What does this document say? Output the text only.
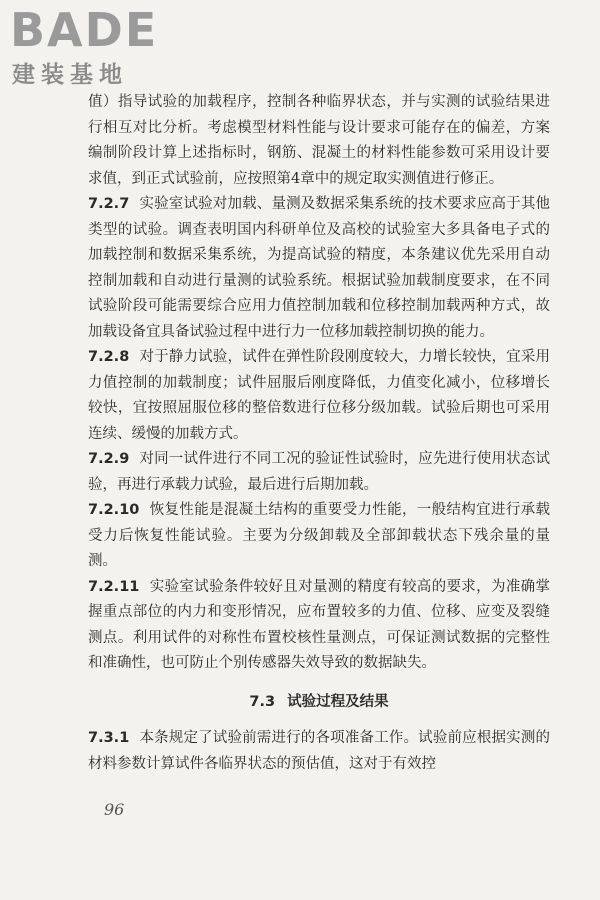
BADE
建装基地

值）指导试验的加载程序，控制各种临界状态，并与实测的试验结果进行相互对比分析。考虑模型材料性能与设计要求可能存在的偏差，方案编制阶段计算上述指标时，钢筋、混凝土的材料性能参数可采用设计要求值，到正式试验前，应按照第4章中的规定取实测值进行修正。

7.2.7 实验室试验对加载、量测及数据采集系统的技术要求应高于其他类型的试验。调查表明国内科研单位及高校的试验室大多具备电子式的加载控制和数据采集系统，为提高试验的精度，本条建议优先采用自动控制加载和自动进行量测的试验系统。根据试验加载制度要求，在不同试验阶段可能需要综合应用力值控制加载和位移控制加载两种方式，故加载设备宜具备试验过程中进行力一位移加载控制切换的能力。

7.2.8 对于静力试验，试件在弹性阶段刚度较大，力增长较快，宜采用力值控制的加载制度；试件屈服后刚度降低，力值变化减小，位移增长较快，宜按照屈服位移的整倍数进行位移分级加载。试验后期也可采用连续、缓慢的加载方式。

7.2.9 对同一试件进行不同工况的验证性试验时，应先进行使用状态试验，再进行承载力试验，最后进行后期加载。

7.2.10 恢复性能是混凝土结构的重要受力性能，一般结构宜进行承载受力后恢复性能试验。主要为分级卸载及全部卸载状态下残余量的量测。

7.2.11 实验室试验条件较好且对量测的精度有较高的要求，为准确掌握重点部位的内力和变形情况，应布置较多的力值、位移、应变及裂缝测点。利用试件的对称性布置校核性量测点，可保证测试数据的完整性和准确性，也可防止个别传感器失效导致的数据缺失。

7.3 试验过程及结果

7.3.1 本条规定了试验前需进行的各项准备工作。试验前应根据实测的材料参数计算试件各临界状态的预估值，这对于有效控

96
